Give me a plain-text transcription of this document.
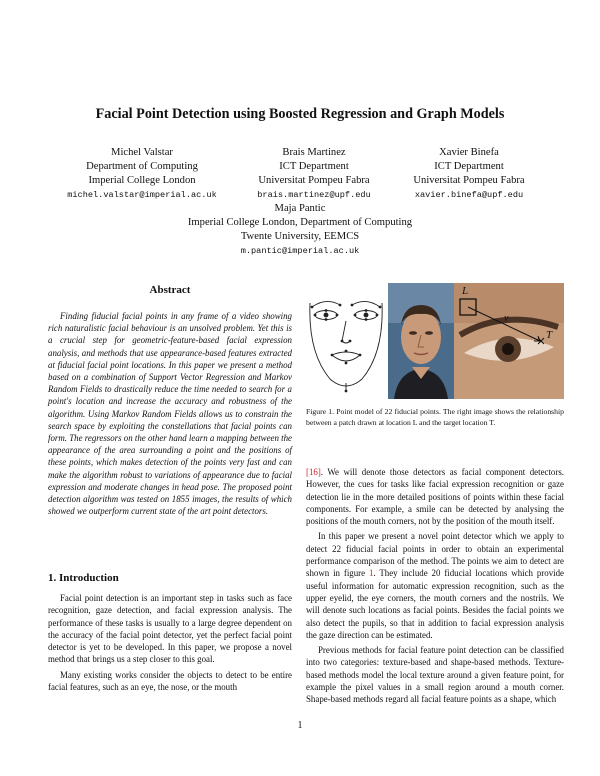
Facial Point Detection using Boosted Regression and Graph Models
Michel Valstar
Department of Computing
Imperial College London
michel.valstar@imperial.ac.uk
Brais Martinez
ICT Department
Universitat Pompeu Fabra
brais.martinez@upf.edu
Xavier Binefa
ICT Department
Universitat Pompeu Fabra
xavier.binefa@upf.edu
Maja Pantic
Imperial College London, Department of Computing
Twente University, EEMCS
m.pantic@imperial.ac.uk
Abstract
Finding fiducial facial points in any frame of a video showing rich naturalistic facial behaviour is an unsolved problem. Yet this is a crucial step for geometric-feature-based facial expression analysis, and methods that use appearance-based features extracted at fiducial facial point locations. In this paper we present a method based on a combination of Support Vector Regression and Markov Random Fields to drastically reduce the time needed to search for a point's location and increase the accuracy and robustness of the algorithm. Using Markov Random Fields allows us to constrain the search space by exploiting the constellations that facial points can form. The regressors on the other hand learn a mapping between the appearance of the area surrounding a point and the positions of these points, which makes detection of the points very fast and can make the algorithm robust to variations of appearance due to facial expression and moderate changes in head pose. The proposed point detection algorithm was tested on 1855 images, the results of which showed we outperform current state of the art point detectors.
1. Introduction

Facial point detection is an important step in tasks such as face recognition, gaze detection, and facial expression analysis. The performance of these tasks is usually to a large degree dependent on the accuracy of the facial point detector, yet the perfect facial point detector is yet to be developed. In this paper, we propose a novel method that brings us a step closer to this goal.

Many existing works consider the objects to detect to be entire facial features, such as an eye, the nose, or the mouth

L
v
T
Figure 1. Point model of 22 fiducial points. The right image shows the relationship between a patch drawn at location L and the target location T.

[16]. We will denote those detectors as facial component detectors. However, the cues for tasks like facial expression recognition or gaze detection lie in the more detailed positions of points within these facial components. For example, a smile can be detected by analysing the positions of the mouth corners, not by the position of the mouth itself.

In this paper we present a novel point detector which we apply to detect 22 fiducial facial points in order to obtain an experimental performance comparison of the method. The points we aim to detect are shown in figure 1. They include 20 fiducial locations which provide useful information for automatic expression recognition, such as the upper eyelid, the eye corners, the mouth corners and the nostrils. We will denote such locations as facial points. Besides the facial points we also detect the pupils, so that in addition to facial expression analysis the gaze direction can be estimated.

Previous methods for facial feature point detection can be classified into two categories: texture-based and shape-based methods. Texture-based methods model the local texture around a given feature point, for example the pixel values in a small region around a mouth corner. Shape-based methods regard all facial feature points as a shape, which

1
